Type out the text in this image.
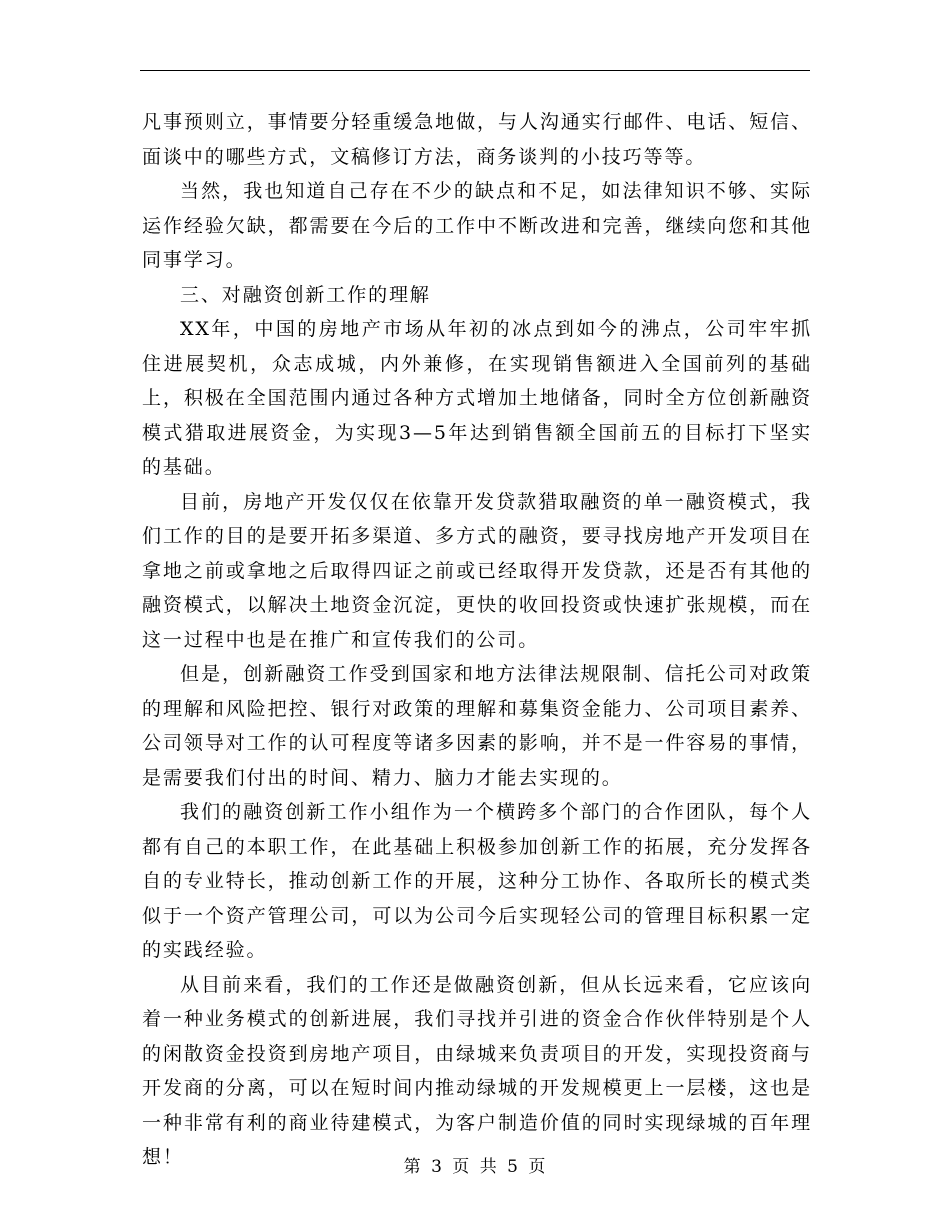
凡事预则立，事情要分轻重缓急地做，与人沟通实行邮件、电话、短信、面谈中的哪些方式，文稿修订方法，商务谈判的小技巧等等。

当然，我也知道自己存在不少的缺点和不足，如法律知识不够、实际运作经验欠缺，都需要在今后的工作中不断改进和完善，继续向您和其他同事学习。

三、对融资创新工作的理解

XX年，中国的房地产市场从年初的冰点到如今的沸点，公司牢牢抓住进展契机，众志成城，内外兼修，在实现销售额进入全国前列的基础上，积极在全国范围内通过各种方式增加土地储备，同时全方位创新融资模式猎取进展资金，为实现3—5年达到销售额全国前五的目标打下坚实的基础。

目前，房地产开发仅仅在依靠开发贷款猎取融资的单一融资模式，我们工作的目的是要开拓多渠道、多方式的融资，要寻找房地产开发项目在拿地之前或拿地之后取得四证之前或已经取得开发贷款，还是否有其他的融资模式，以解决土地资金沉淀，更快的收回投资或快速扩张规模，而在这一过程中也是在推广和宣传我们的公司。

但是，创新融资工作受到国家和地方法律法规限制、信托公司对政策的理解和风险把控、银行对政策的理解和募集资金能力、公司项目素养、公司领导对工作的认可程度等诸多因素的影响，并不是一件容易的事情，是需要我们付出的时间、精力、脑力才能去实现的。

我们的融资创新工作小组作为一个横跨多个部门的合作团队，每个人都有自己的本职工作，在此基础上积极参加创新工作的拓展，充分发挥各自的专业特长，推动创新工作的开展，这种分工协作、各取所长的模式类似于一个资产管理公司，可以为公司今后实现轻公司的管理目标积累一定的实践经验。

从目前来看，我们的工作还是做融资创新，但从长远来看，它应该向着一种业务模式的创新进展，我们寻找并引进的资金合作伙伴特别是个人的闲散资金投资到房地产项目，由绿城来负责项目的开发，实现投资商与开发商的分离，可以在短时间内推动绿城的开发规模更上一层楼，这也是一种非常有利的商业待建模式，为客户制造价值的同时实现绿城的百年理想！	第 3 页 共 5 页
